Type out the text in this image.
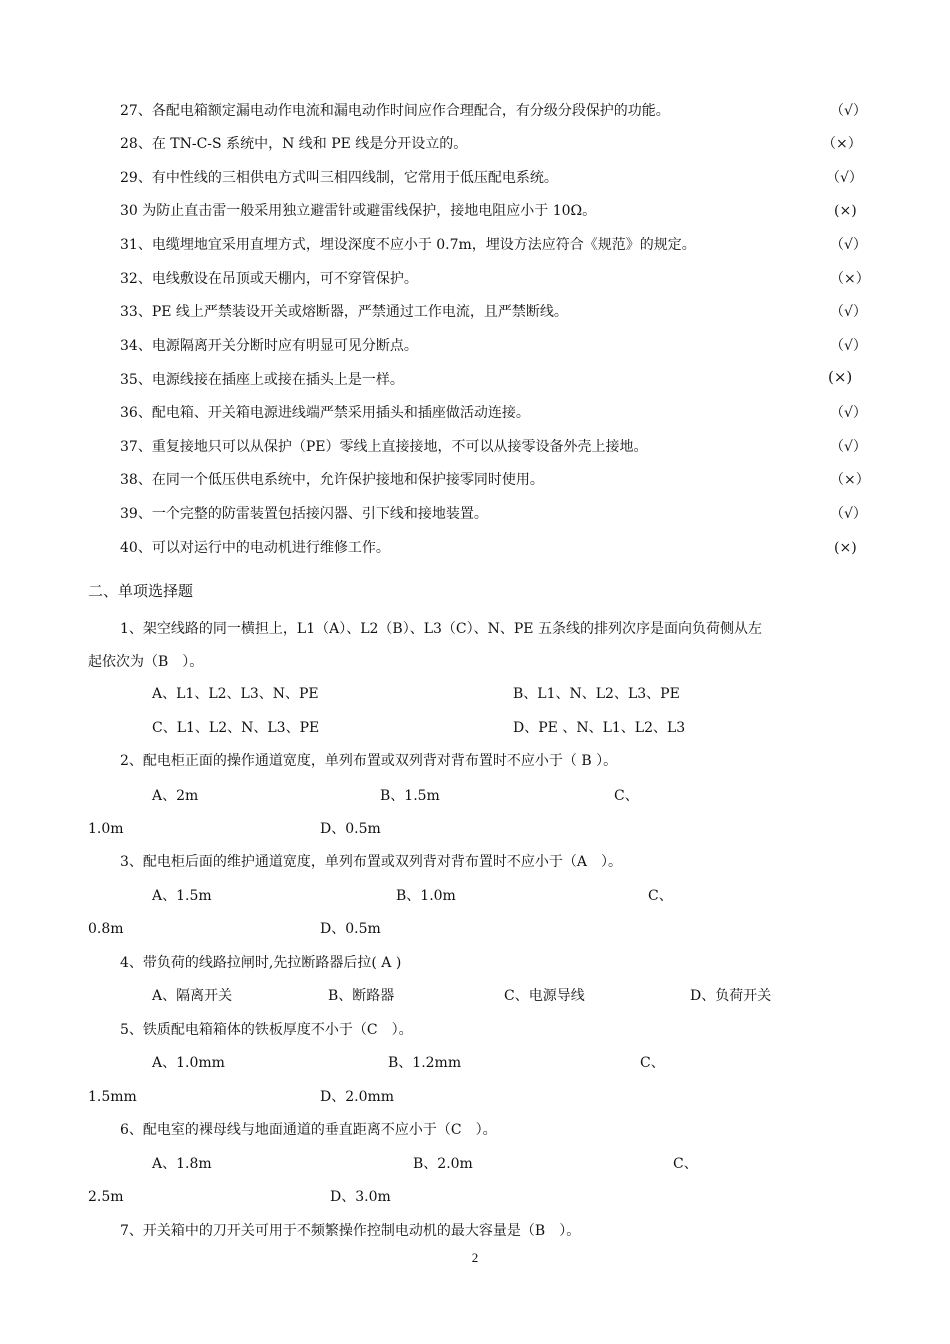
27、各配电箱额定漏电动作电流和漏电动作时间应作合理配合，有分级分段保护的功能。	（√）
28、在 TN-C-S 系统中，N 线和 PE 线是分开设立的。	（×）
29、有中性线的三相供电方式叫三相四线制，它常用于低压配电系统。	（√）
30 为防止直击雷一般采用独立避雷针或避雷线保护，接地电阻应小于 10Ω。	(×)
31、电缆埋地宜采用直埋方式，埋设深度不应小于 0.7m，埋设方法应符合《规范》的规定。	（√）
32、电线敷设在吊顶或天棚内，可不穿管保护。	（×）
33、PE 线上严禁装设开关或熔断器，严禁通过工作电流，且严禁断线。	（√）
34、电源隔离开关分断时应有明显可见分断点。	（√）
35、电源线接在插座上或接在插头上是一样。	(×)
36、配电箱、开关箱电源进线端严禁采用插头和插座做活动连接。	（√）
37、重复接地只可以从保护（PE）零线上直接接地，不可以从接零设备外壳上接地。	（√）
38、在同一个低压供电系统中，允许保护接地和保护接零同时使用。	（×）
39、一个完整的防雷装置包括接闪器、引下线和接地装置。	（√）
40、可以对运行中的电动机进行维修工作。	(×)
二、单项选择题
1、架空线路的同一横担上，L1（A）、L2（B）、L3（C）、N、PE 五条线的排列次序是面向负荷侧从左
起依次为（B　）。
A、L1、L2、L3、N、PE	B、L1、N、L2、L3、PE
C、L1、L2、N、L3、PE	D、PE 、N、L1、L2、L3
2、配电柜正面的操作通道宽度，单列布置或双列背对背布置时不应小于（ B ）。
A、2m	B、1.5m	C、
1.0m	D、0.5m
3、配电柜后面的维护通道宽度，单列布置或双列背对背布置时不应小于（A　）。
A、1.5m	B、1.0m	C、
0.8m	D、0.5m
4、带负荷的线路拉闸时,先拉断路器后拉( A )
A、隔离开关	B、断路器	C、电源导线	D、负荷开关
5、铁质配电箱箱体的铁板厚度不小于（C　）。
A、1.0mm	B、1.2mm	C、
1.5mm	D、2.0mm
6、配电室的裸母线与地面通道的垂直距离不应小于（C　）。
A、1.8m	B、2.0m	C、
2.5m	D、3.0m
7、开关箱中的刀开关可用于不频繁操作控制电动机的最大容量是（B　）。
2
